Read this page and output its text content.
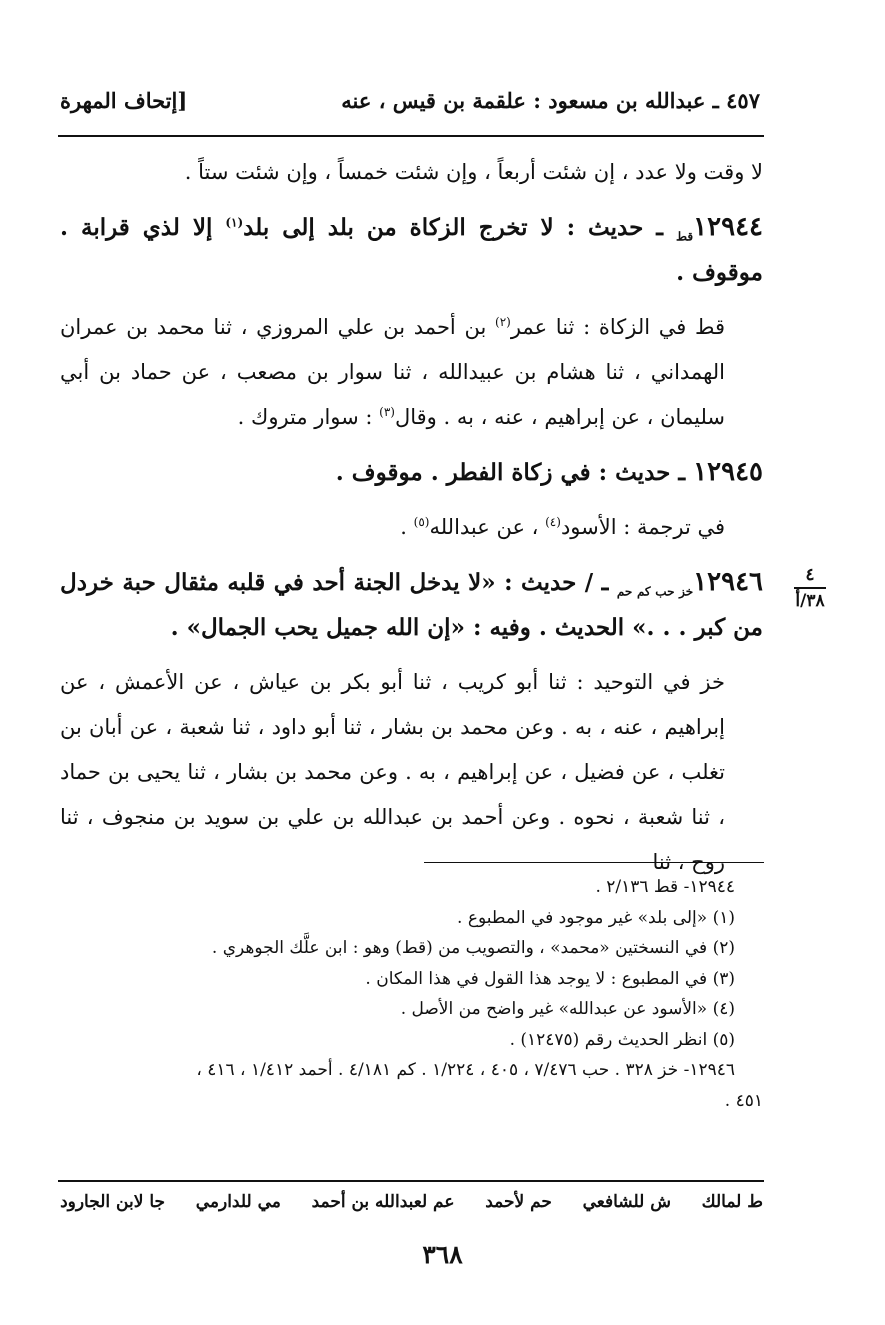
٤٥٧ ـ عبدالله بن مسعود : علقمة بن قيس ، عنه
[إتحاف المهرة
٤
٣٨/أ

لا وقت ولا عدد ، إن شئت أربعاً ، وإن شئت خمساً ، وإن شئت ستاً .

$١٢٩٤٤_{قط}$ ـ حديث : لا تخرج الزكاة من بلد إلى بلد$^{(١)}$ إلا لذي قرابة . موقوف .

قط في الزكاة : ثنا عمر$^{(٢)}$ بن أحمد بن علي المروزي ، ثنا محمد بن عمران الهمداني ، ثنا هشام بن عبيدالله ، ثنا سوار بن مصعب ، عن حماد بن أبي سليمان ، عن إبراهيم ، عنه ، به . وقال$^{(٣)}$ : سوار متروك .

١٢٩٤٥ ـ حديث : في زكاة الفطر . موقوف .

في ترجمة : الأسود$^{(٤)}$ ، عن عبدالله$^{(٥)}$ .

$١٢٩٤٦_{خز حب كم حم}$ ـ / حديث : «لا يدخل الجنة أحد في قلبه مثقال حبة خردل من كبر . . .» الحديث . وفيه : «إن الله جميل يحب الجمال» .

خز في التوحيد : ثنا أبو كريب ، ثنا أبو بكر بن عياش ، عن الأعمش ، عن إبراهيم ، عنه ، به . وعن محمد بن بشار ، ثنا أبو داود ، ثنا شعبة ، عن أبان بن تغلب ، عن فضيل ، عن إبراهيم ، به . وعن محمد بن بشار ، ثنا يحيى بن حماد ، ثنا شعبة ، نحوه . وعن أحمد بن عبدالله بن علي بن سويد بن منجوف ، ثنا روح ، ثنا

١٢٩٤٤- قط ٢/١٣٦ .
(١) «إلى بلد» غير موجود في المطبوع .
(٢) في النسختين «محمد» ، والتصويب من (قط) وهو : ابن علَّك الجوهري .
(٣) في المطبوع : لا يوجد هذا القول في هذا المكان .
(٤) «الأسود عن عبدالله» غير واضح من الأصل .
(٥) انظر الحديث رقم (١٢٤٧٥) .
١٢٩٤٦- خز ٣٢٨ . حب ٧/٤٧٦ ، ٤٠٥ ، ١/٢٢٤ . كم ٤/١٨١ . أحمد ١/٤١٢ ، ٤١٦ ،
٤٥١ .
ط لمالك
ش للشافعي
حم لأحمد
عم لعبدالله بن أحمد
مي للدارمي
جا لابن الجارود
٣٦٨
